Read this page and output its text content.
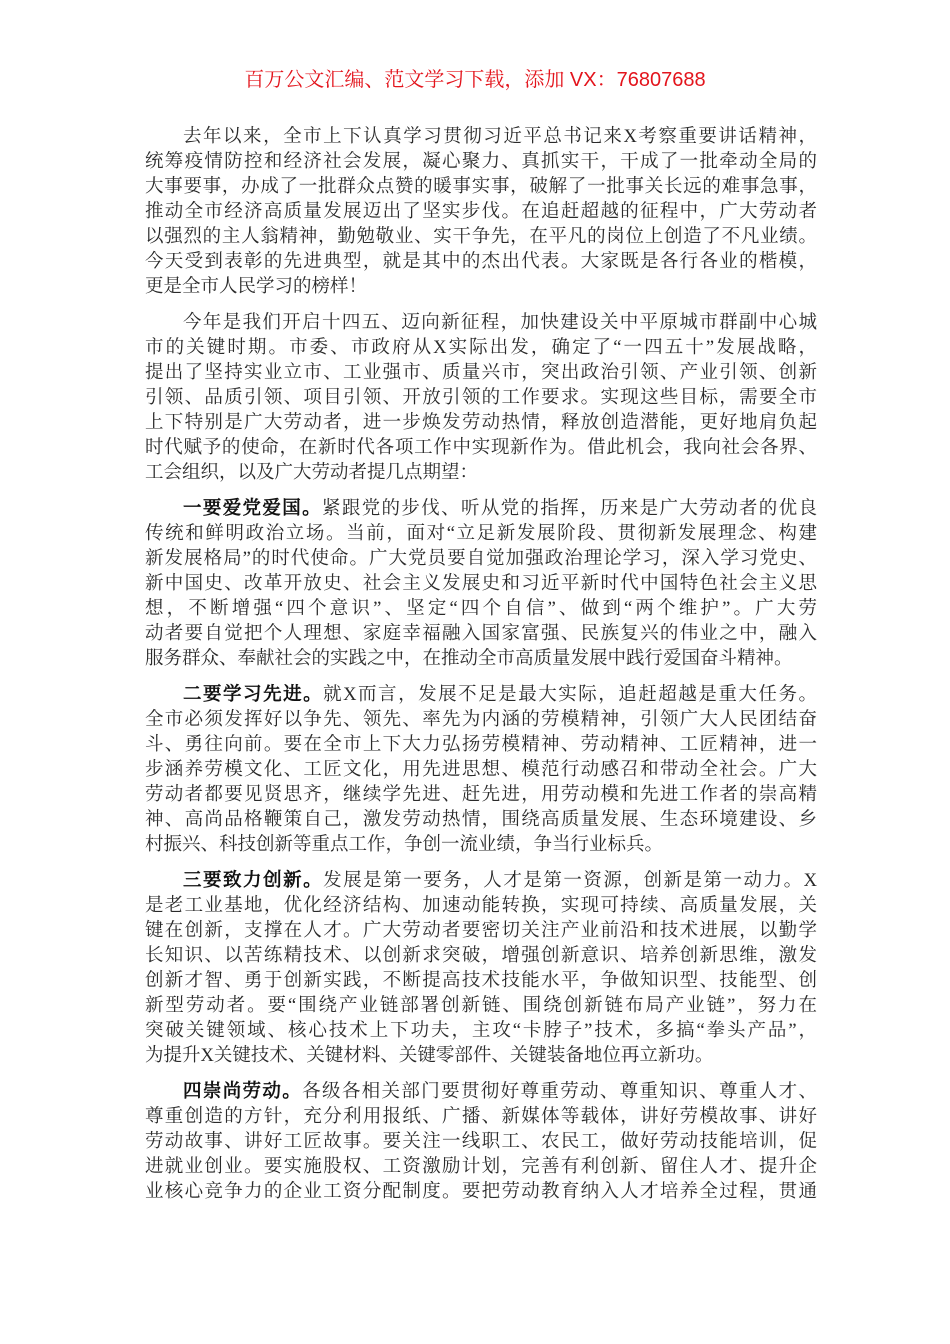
百万公文汇编、范文学习下载，添加 VX：76807688
去年以来，全市上下认真学习贯彻习近平总书记来X考察重要讲话精神，
统筹疫情防控和经济社会发展，凝心聚力、真抓实干，干成了一批牵动全局的
大事要事，办成了一批群众点赞的暖事实事，破解了一批事关长远的难事急事，
推动全市经济高质量发展迈出了坚实步伐。在追赶超越的征程中，广大劳动者
以强烈的主人翁精神，勤勉敬业、实干争先，在平凡的岗位上创造了不凡业绩。
今天受到表彰的先进典型，就是其中的杰出代表。大家既是各行各业的楷模，
更是全市人民学习的榜样！
今年是我们开启十四五、迈向新征程，加快建设关中平原城市群副中心城
市的关键时期。市委、市政府从X实际出发，确定了“一四五十”发展战略，
提出了坚持实业立市、工业强市、质量兴市，突出政治引领、产业引领、创新
引领、品质引领、项目引领、开放引领的工作要求。实现这些目标，需要全市
上下特别是广大劳动者，进一步焕发劳动热情，释放创造潜能，更好地肩负起
时代赋予的使命，在新时代各项工作中实现新作为。借此机会，我向社会各界、
工会组织，以及广大劳动者提几点期望：
一要爱党爱国。紧跟党的步伐、听从党的指挥，历来是广大劳动者的优良
传统和鲜明政治立场。当前，面对“立足新发展阶段、贯彻新发展理念、构建
新发展格局”的时代使命。广大党员要自觉加强政治理论学习，深入学习党史、
新中国史、改革开放史、社会主义发展史和习近平新时代中国特色社会主义思
想，不断增强“四个意识”、坚定“四个自信”、做到“两个维护”。广大劳
动者要自觉把个人理想、家庭幸福融入国家富强、民族复兴的伟业之中，融入
服务群众、奉献社会的实践之中，在推动全市高质量发展中践行爱国奋斗精神。
二要学习先进。就X而言，发展不足是最大实际，追赶超越是重大任务。
全市必须发挥好以争先、领先、率先为内涵的劳模精神，引领广大人民团结奋
斗、勇往向前。要在全市上下大力弘扬劳模精神、劳动精神、工匠精神，进一
步涵养劳模文化、工匠文化，用先进思想、模范行动感召和带动全社会。广大
劳动者都要见贤思齐，继续学先进、赶先进，用劳动模和先进工作者的崇高精
神、高尚品格鞭策自己，激发劳动热情，围绕高质量发展、生态环境建设、乡
村振兴、科技创新等重点工作，争创一流业绩，争当行业标兵。
三要致力创新。发展是第一要务，人才是第一资源，创新是第一动力。X
是老工业基地，优化经济结构、加速动能转换，实现可持续、高质量发展，关
键在创新，支撑在人才。广大劳动者要密切关注产业前沿和技术进展，以勤学
长知识、以苦练精技术、以创新求突破，增强创新意识、培养创新思维，激发
创新才智、勇于创新实践，不断提高技术技能水平，争做知识型、技能型、创
新型劳动者。要“围绕产业链部署创新链、围绕创新链布局产业链”，努力在
突破关键领域、核心技术上下功夫，主攻“卡脖子”技术，多搞“拳头产品”，
为提升X关键技术、关键材料、关键零部件、关键装备地位再立新功。
四崇尚劳动。各级各相关部门要贯彻好尊重劳动、尊重知识、尊重人才、
尊重创造的方针，充分利用报纸、广播、新媒体等载体，讲好劳模故事、讲好
劳动故事、讲好工匠故事。要关注一线职工、农民工，做好劳动技能培训，促
进就业创业。要实施股权、工资激励计划，完善有利创新、留住人才、提升企
业核心竞争力的企业工资分配制度。要把劳动教育纳入人才培养全过程，贯通
